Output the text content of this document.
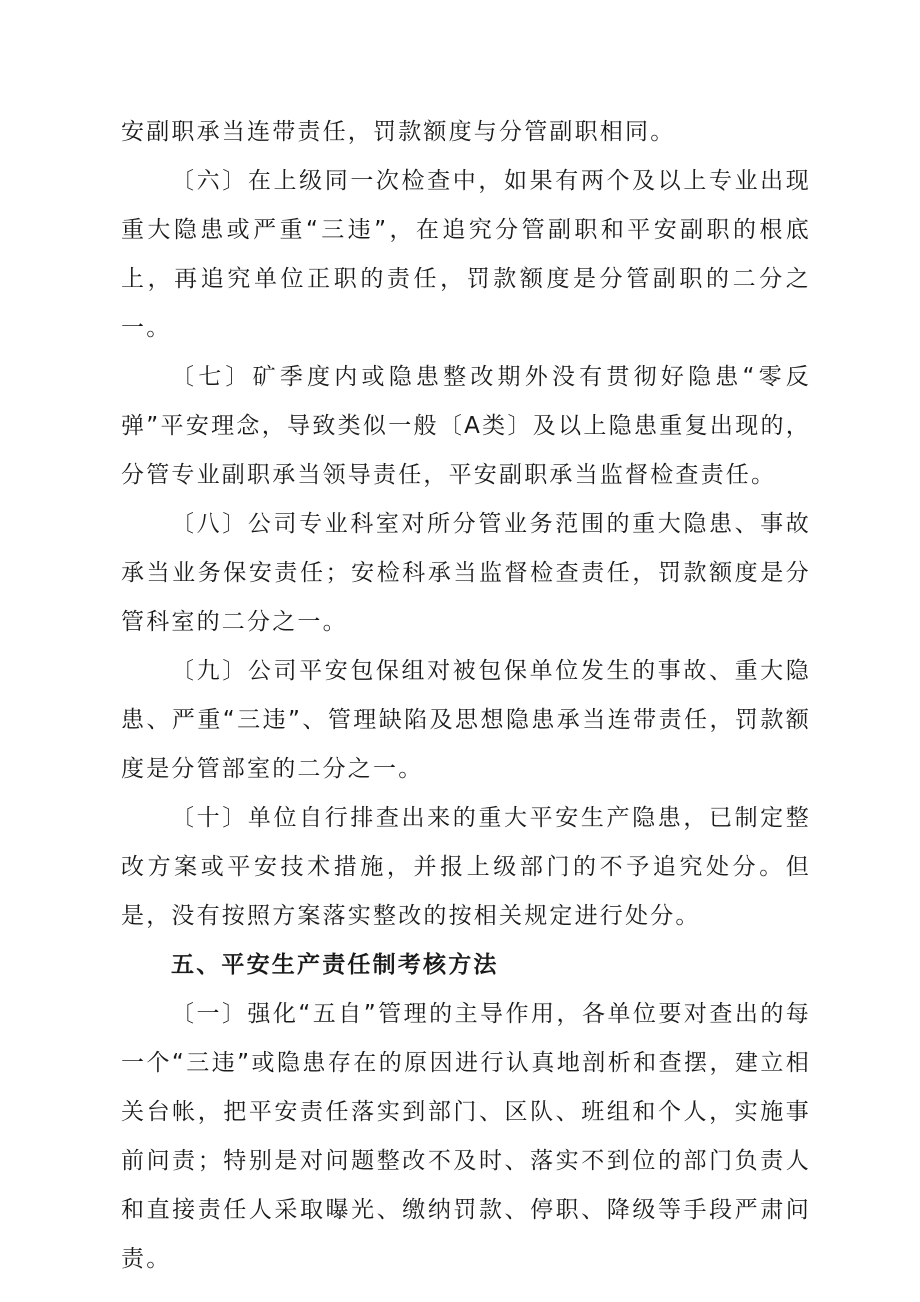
安副职承当连带责任，罚款额度与分管副职相同。

〔六〕在上级同一次检查中，如果有两个及以上专业出现重大隐患或严重“三违”，在追究分管副职和平安副职的根底上，再追究单位正职的责任，罚款额度是分管副职的二分之一。

〔七〕矿季度内或隐患整改期外没有贯彻好隐患“零反弹”平安理念，导致类似一般〔A类〕及以上隐患重复出现的，分管专业副职承当领导责任，平安副职承当监督检查责任。

〔八〕公司专业科室对所分管业务范围的重大隐患、事故承当业务保安责任；安检科承当监督检查责任，罚款额度是分管科室的二分之一。

〔九〕公司平安包保组对被包保单位发生的事故、重大隐患、严重“三违”、管理缺陷及思想隐患承当连带责任，罚款额度是分管部室的二分之一。

〔十〕单位自行排查出来的重大平安生产隐患，已制定整改方案或平安技术措施，并报上级部门的不予追究处分。但是，没有按照方案落实整改的按相关规定进行处分。

五、平安生产责任制考核方法

〔一〕强化“五自”管理的主导作用，各单位要对查出的每一个“三违”或隐患存在的原因进行认真地剖析和查摆，建立相关台帐，把平安责任落实到部门、区队、班组和个人，实施事前问责；特别是对问题整改不及时、落实不到位的部门负责人和直接责任人采取曝光、缴纳罚款、停职、降级等手段严肃问责。
